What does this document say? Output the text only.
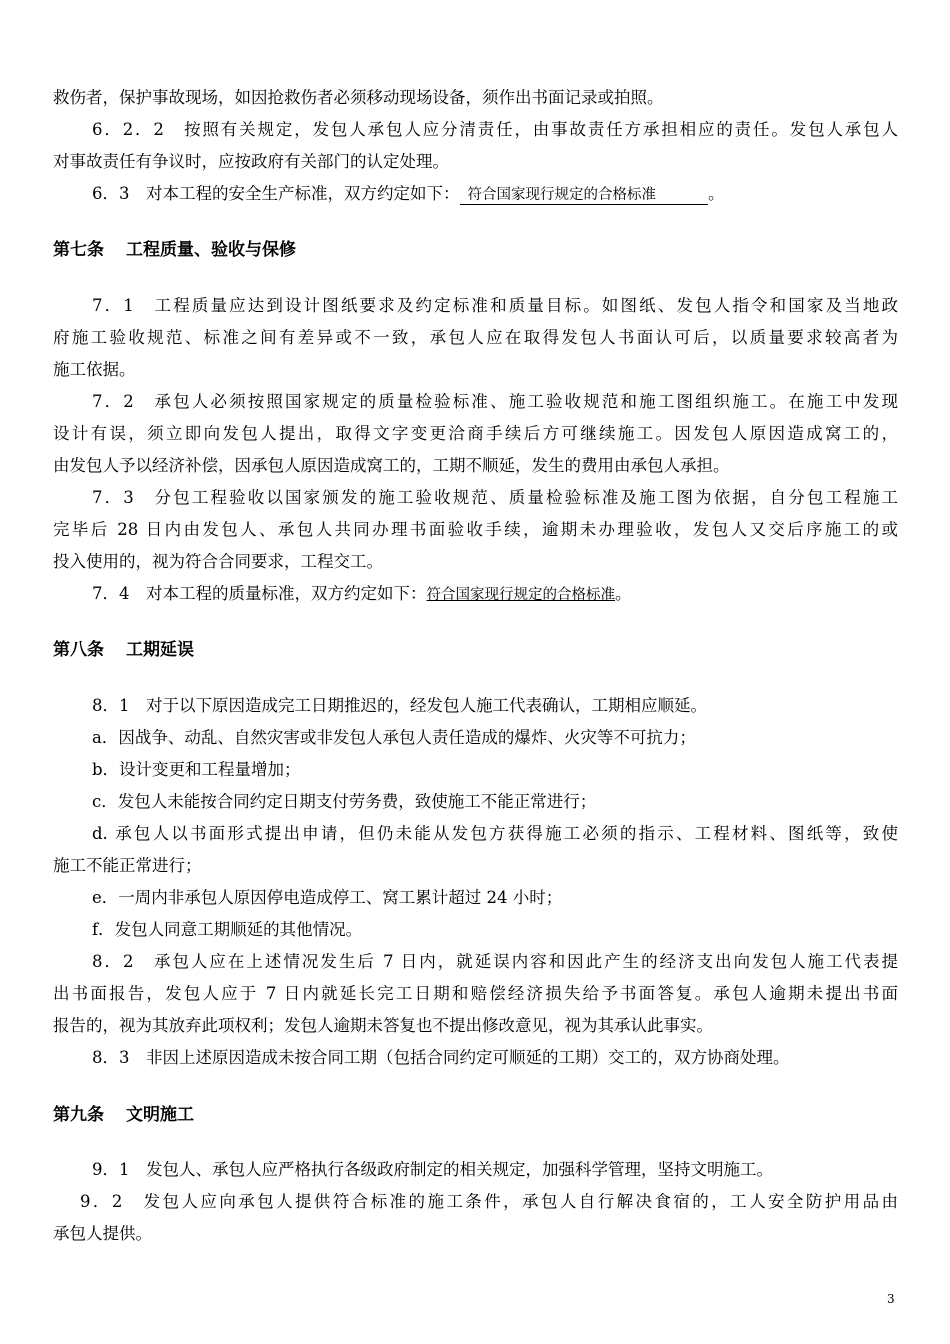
救伤者，保护事故现场，如因抢救伤者必须移动现场设备，须作出书面记录或拍照。
6．2．2　按照有关规定，发包人承包人应分清责任，由事故责任方承担相应的责任。发包人承包人
对事故责任有争议时，应按政府有关部门的认定处理。
6．3　对本工程的安全生产标准，双方约定如下： 符合国家现行规定的合格标准	。
第七条 工程质量、验收与保修
7．1　工程质量应达到设计图纸要求及约定标准和质量目标。如图纸、发包人指令和国家及当地政
府施工验收规范、标准之间有差异或不一致，承包人应在取得发包人书面认可后，以质量要求较高者为
施工依据。
7．2　承包人必须按照国家规定的质量检验标准、施工验收规范和施工图组织施工。在施工中发现
设计有误，须立即向发包人提出，取得文字变更洽商手续后方可继续施工。因发包人原因造成窝工的，
由发包人予以经济补偿，因承包人原因造成窝工的，工期不顺延，发生的费用由承包人承担。
7．3　分包工程验收以国家颁发的施工验收规范、质量检验标准及施工图为依据，自分包工程施工
完毕后 28 日内由发包人、承包人共同办理书面验收手续，逾期未办理验收，发包人又交后序施工的或
投入使用的，视为符合合同要求，工程交工。
7．4　对本工程的质量标准，双方约定如下：符合国家现行规定的合格标准。
第八条 工期延误
8．1　对于以下原因造成完工日期推迟的，经发包人施工代表确认，工期相应顺延。
a．因战争、动乱、自然灾害或非发包人承包人责任造成的爆炸、火灾等不可抗力；
b．设计变更和工程量增加；
c．发包人未能按合同约定日期支付劳务费，致使施工不能正常进行；
d. 承包人以书面形式提出申请，但仍未能从发包方获得施工必须的指示、工程材料、图纸等，致使
施工不能正常进行；
e．一周内非承包人原因停电造成停工、窝工累计超过 24 小时；
f．发包人同意工期顺延的其他情况。
8．2　承包人应在上述情况发生后 7 日内，就延误内容和因此产生的经济支出向发包人施工代表提
出书面报告，发包人应于 7 日内就延长完工日期和赔偿经济损失给予书面答复。承包人逾期未提出书面
报告的，视为其放弃此项权利；发包人逾期未答复也不提出修改意见，视为其承认此事实。
8．3　非因上述原因造成未按合同工期（包括合同约定可顺延的工期）交工的，双方协商处理。
第九条 文明施工
9．1　发包人、承包人应严格执行各级政府制定的相关规定，加强科学管理，坚持文明施工。
9．2　发包人应向承包人提供符合标准的施工条件，承包人自行解决食宿的，工人安全防护用品由
承包人提供。
3
